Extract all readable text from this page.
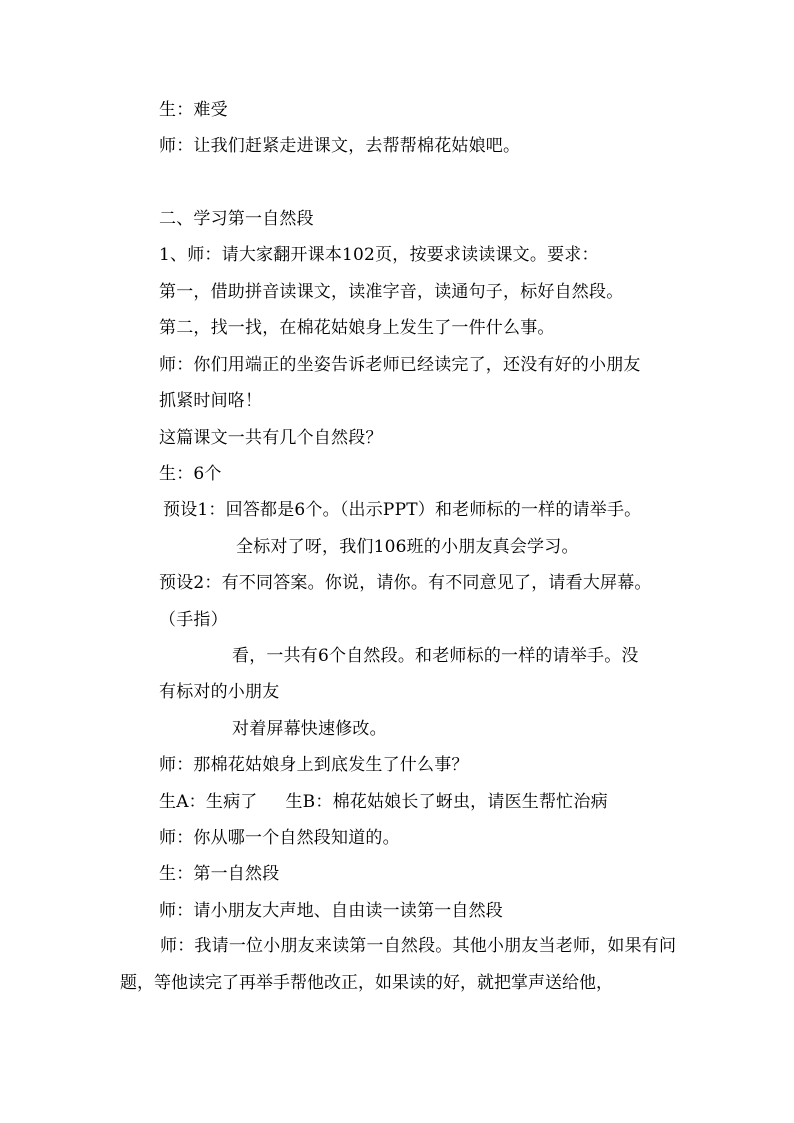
生：难受
师：让我们赶紧走进课文，去帮帮棉花姑娘吧。
二、学习第一自然段
1、师：请大家翻开课本102页，按要求读读课文。要求：
第一，借助拼音读课文，读准字音，读通句子，标好自然段。
第二，找一找，在棉花姑娘身上发生了一件什么事。
师：你们用端正的坐姿告诉老师已经读完了，还没有好的小朋友
抓紧时间咯！
这篇课文一共有几个自然段？
生：6个
预设1：回答都是6个。（出示PPT）和老师标的一样的请举手。
全标对了呀，我们106班的小朋友真会学习。
预设2：有不同答案。你说，请你。有不同意见了，请看大屏幕。
（手指）
看，一共有6个自然段。和老师标的一样的请举手。没
有标对的小朋友
对着屏幕快速修改。
师：那棉花姑娘身上到底发生了什么事？
生A：生病了 生B：棉花姑娘长了蚜虫，请医生帮忙治病
师：你从哪一个自然段知道的。
生：第一自然段
师：请小朋友大声地、自由读一读第一自然段
师：我请一位小朋友来读第一自然段。其他小朋友当老师，如果有问题，等他读完了再举手帮他改正，如果读的好，就把掌声送给他，
